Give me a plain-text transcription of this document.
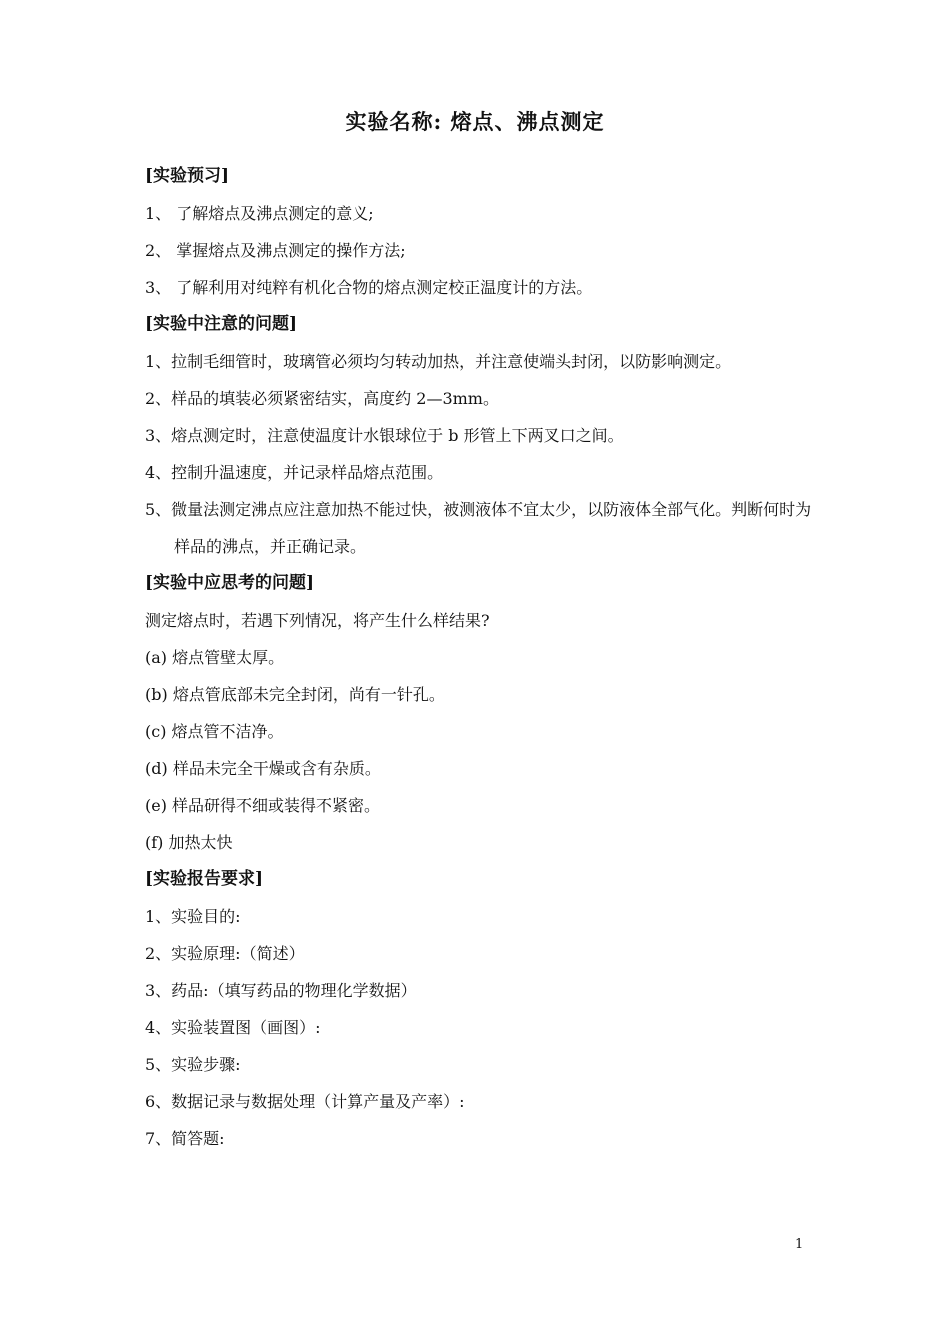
实验名称: 熔点、沸点测定
[实验预习]
1、 了解熔点及沸点测定的意义;
2、 掌握熔点及沸点测定的操作方法;
3、 了解利用对纯粹有机化合物的熔点测定校正温度计的方法。
[实验中注意的问题]
1、拉制毛细管时，玻璃管必须均匀转动加热，并注意使端头封闭，以防影响测定。
2、样品的填装必须紧密结实，高度约 2—3mm。
3、熔点测定时，注意使温度计水银球位于 b 形管上下两叉口之间。
4、控制升温速度，并记录样品熔点范围。
5、微量法测定沸点应注意加热不能过快，被测液体不宜太少，以防液体全部气化。判断何时为样品的沸点，并正确记录。
[实验中应思考的问题]
测定熔点时，若遇下列情况，将产生什么样结果?
(a) 熔点管壁太厚。
(b) 熔点管底部未完全封闭，尚有一针孔。
(c) 熔点管不洁净。
(d) 样品未完全干燥或含有杂质。
(e) 样品研得不细或装得不紧密。
(f) 加热太快
[实验报告要求]
1、实验目的:
2、实验原理:（简述）
3、药品:（填写药品的物理化学数据）
4、实验装置图（画图）:
5、实验步骤:
6、数据记录与数据处理（计算产量及产率）:
7、简答题:
1
